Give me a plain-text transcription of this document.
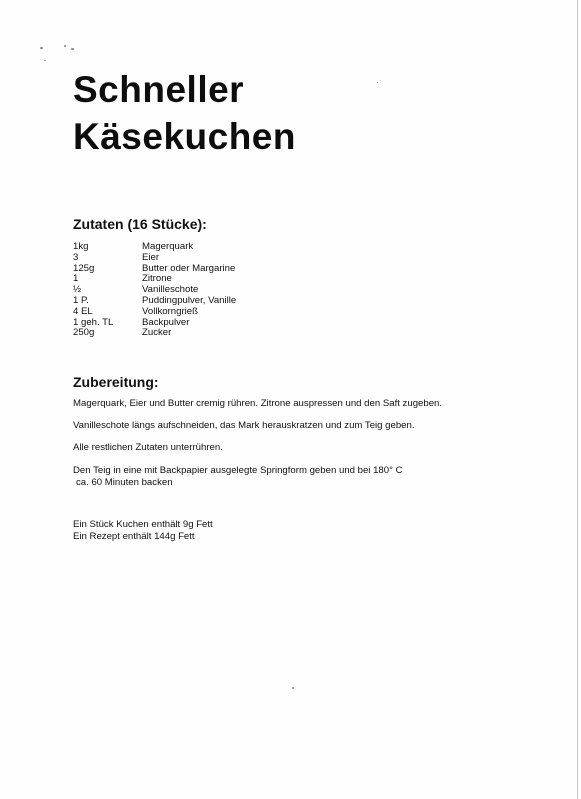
Schneller
Käsekuchen
Zutaten (16 Stücke):
1kg	Magerquark
3	Eier
125g	Butter oder Margarine
1	Zitrone
½	Vanilleschote
1 P.	Puddingpulver, Vanille
4 EL	Vollkorngrieß
1 geh. TL	Backpulver
250g	Zucker
Zubereitung:

Magerquark, Eier und Butter cremig rühren. Zitrone auspressen und den Saft zugeben.

Vanilleschote längs aufschneiden, das Mark herauskratzen und zum Teig geben.

Alle restlichen Zutaten unterrühren.

Den Teig in eine mit Backpapier ausgelegte Springform geben und bei 180° C
ca. 60 Minuten backen

Ein Stück Kuchen enthält 9g Fett
Ein Rezept enthält 144g Fett
